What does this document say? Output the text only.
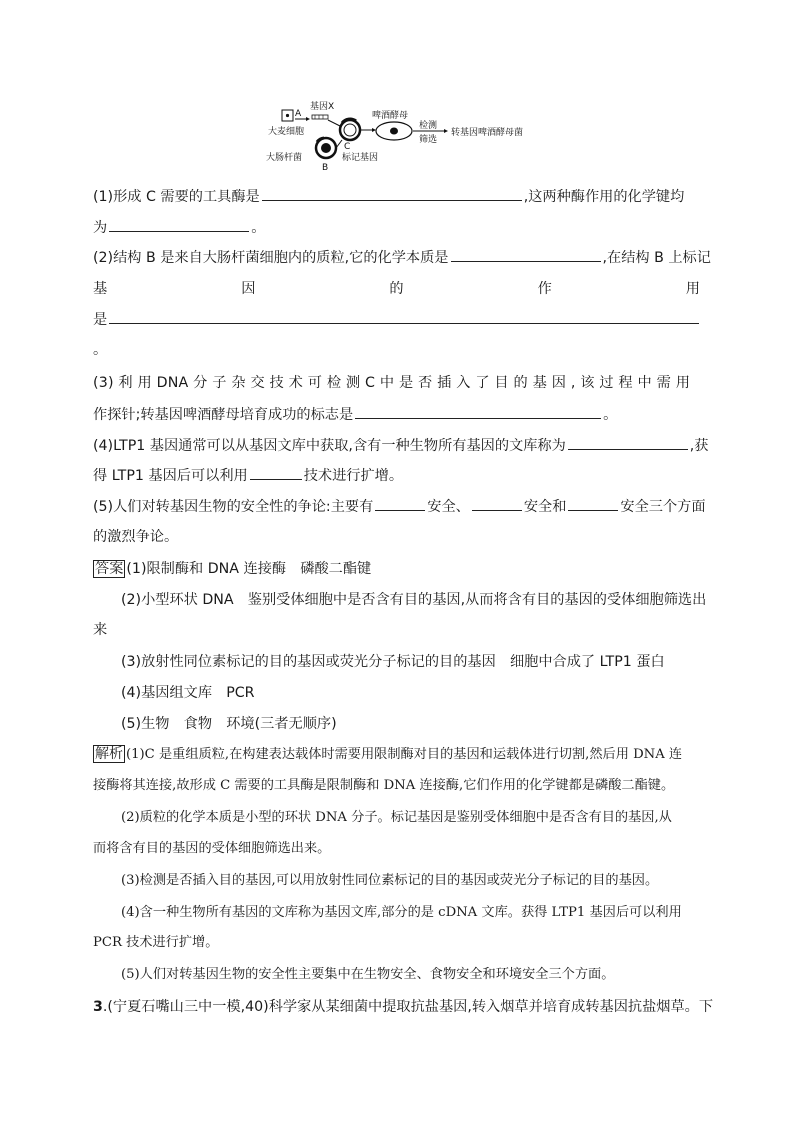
A
基因X
大麦细胞
C
大肠杆菌
B
标记基因
啤酒酵母
检测
筛选
转基因啤酒酵母菌
(1)形成 C 需要的工具酶是	,这两种酶作用的化学键均
为	。
(2)结构 B 是来自大肠杆菌细胞内的质粒,它的化学本质是	,在结构 B 上标记
基	因	的	作	用
是
。
(3) 利 用 DNA 分 子 杂 交 技 术 可 检 测 C 中 是 否 插 入 了 目 的 基 因 , 该 过 程 中 需 用
作探针;转基因啤酒酵母培育成功的标志是	。
(4)LTP1 基因通常可以从基因文库中获取,含有一种生物所有基因的文库称为	,获
得 LTP1 基因后可以利用	技术进行扩增。
(5)人们对转基因生物的安全性的争论:主要有	安全、	安全和	安全三个方面
的激烈争论。
答案 (1)限制酶和 DNA 连接酶　磷酸二酯键
(2)小型环状 DNA　鉴别受体细胞中是否含有目的基因,从而将含有目的基因的受体细胞筛选出
来
(3)放射性同位素标记的目的基因或荧光分子标记的目的基因　细胞中合成了 LTP1 蛋白
(4)基因组文库　PCR
(5)生物　食物　环境(三者无顺序)
解析 (1)C 是重组质粒,在构建表达载体时需要用限制酶对目的基因和运载体进行切割,然后用 DNA 连
接酶将其连接,故形成 C 需要的工具酶是限制酶和 DNA 连接酶,它们作用的化学键都是磷酸二酯键。
(2)质粒的化学本质是小型的环状 DNA 分子。标记基因是鉴别受体细胞中是否含有目的基因,从
而将含有目的基因的受体细胞筛选出来。
(3)检测是否插入目的基因,可以用放射性同位素标记的目的基因或荧光分子标记的目的基因。
(4)含一种生物所有基因的文库称为基因文库,部分的是 cDNA 文库。获得 LTP1 基因后可以利用
PCR 技术进行扩增。
(5)人们对转基因生物的安全性主要集中在生物安全、食物安全和环境安全三个方面。
3.(宁夏石嘴山三中一模,40)科学家从某细菌中提取抗盐基因,转入烟草并培育成转基因抗盐烟草。下
